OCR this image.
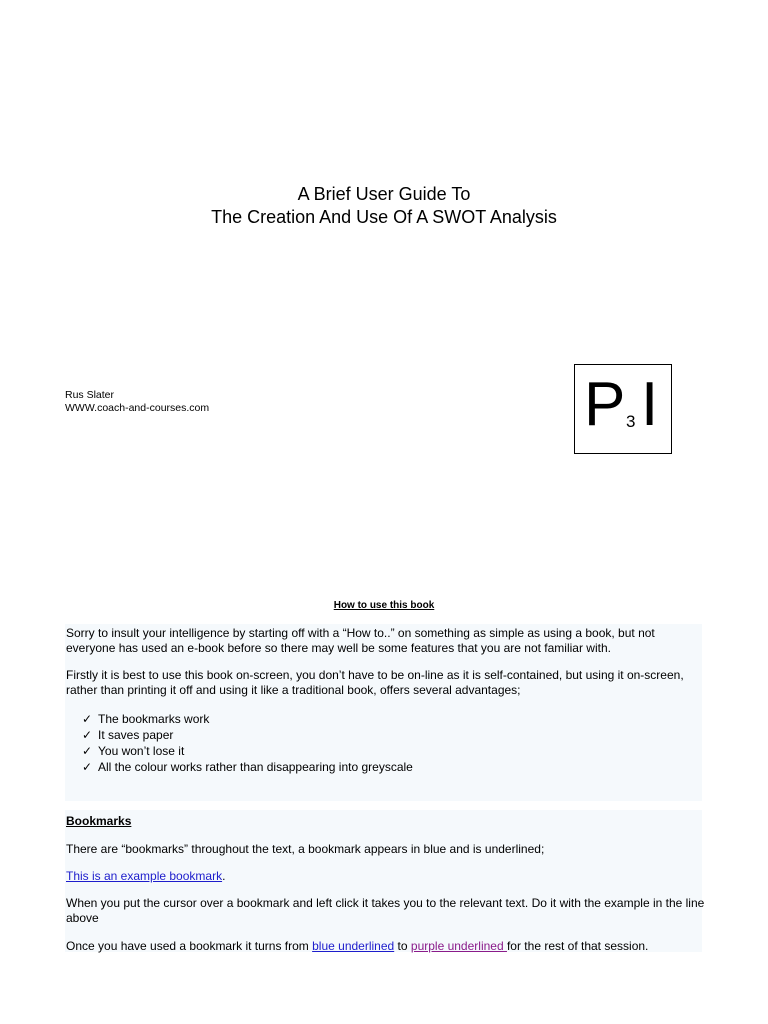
A Brief User Guide To
The Creation And Use Of A SWOT Analysis
Rus Slater
WWW.coach-and-courses.com	P 3 I
How to use this book
Sorry to insult your intelligence by starting off with a “How to..” on something as simple as using a book, but not everyone has used an e-book before so there may well be some features that you are not familiar with.
Firstly it is best to use this book on-screen, you don’t have to be on-line as it is self-contained, but using it on-screen, rather than printing it off and using it like a traditional book, offers several advantages;
✓ The bookmarks work
✓ It saves paper
✓ You won’t lose it
✓ All the colour works rather than disappearing into greyscale
Bookmarks
There are “bookmarks” throughout the text, a bookmark appears in blue and is underlined;
This is an example bookmark.
When you put the cursor over a bookmark and left click it takes you to the relevant text. Do it with the example in the line above
Once you have used a bookmark it turns from blue underlined to purple underlined for the rest of that session.
